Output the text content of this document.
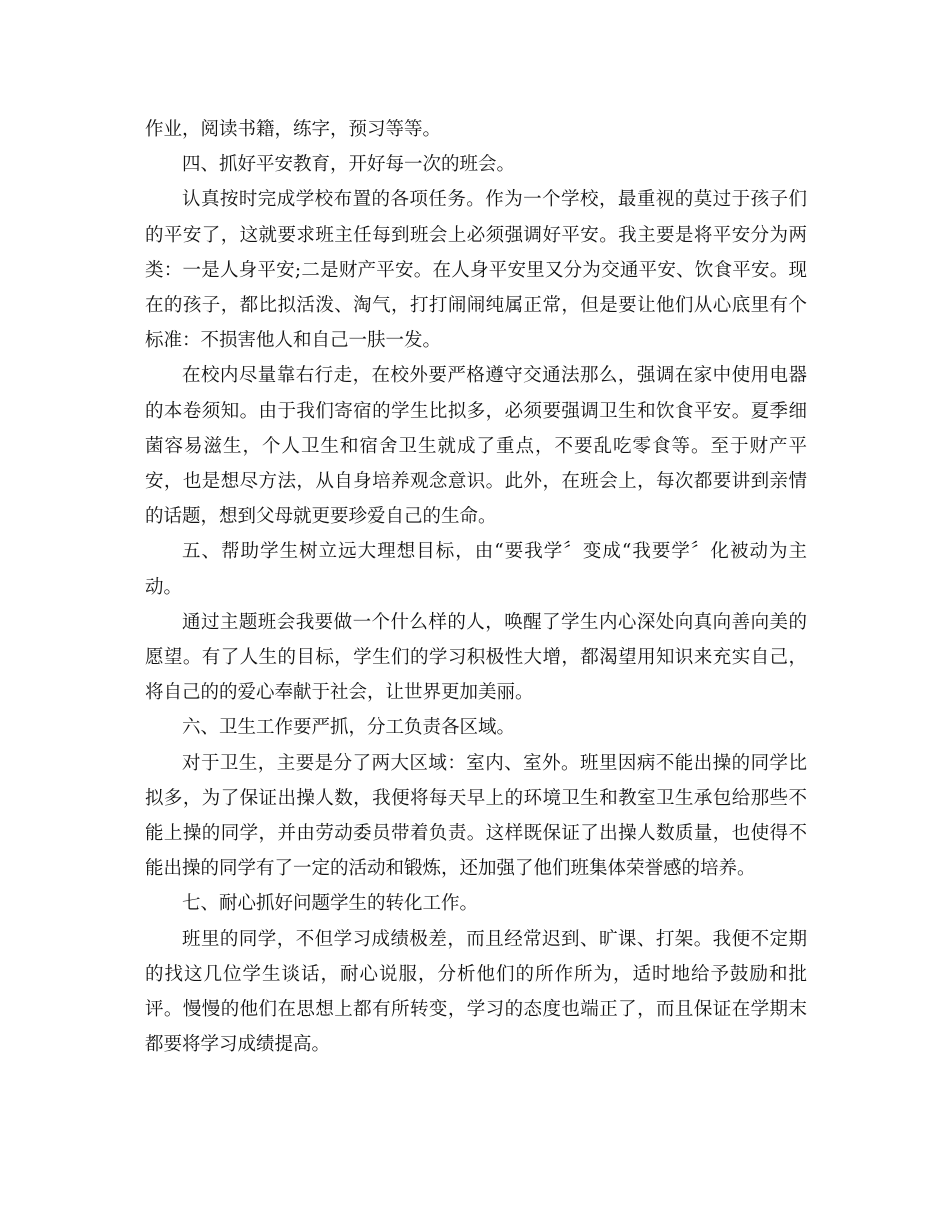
作业，阅读书籍，练字，预习等等。

四、抓好平安教育，开好每一次的班会。

认真按时完成学校布置的各项任务。作为一个学校，最重视的莫过于孩子们的平安了，这就要求班主任每到班会上必须强调好平安。我主要是将平安分为两类：一是人身平安;二是财产平安。在人身平安里又分为交通平安、饮食平安。现在的孩子，都比拟活泼、淘气，打打闹闹纯属正常，但是要让他们从心底里有个标准：不损害他人和自己一肤一发。

在校内尽量靠右行走，在校外要严格遵守交通法那么，强调在家中使用电器的本卷须知。由于我们寄宿的学生比拟多，必须要强调卫生和饮食平安。夏季细菌容易滋生，个人卫生和宿舍卫生就成了重点，不要乱吃零食等。至于财产平安，也是想尽方法，从自身培养观念意识。此外，在班会上，每次都要讲到亲情的话题，想到父母就更要珍爱自己的生命。

五、帮助学生树立远大理想目标，由“要我学〞变成“我要学〞化被动为主动。

通过主题班会我要做一个什么样的人，唤醒了学生内心深处向真向善向美的愿望。有了人生的目标，学生们的学习积极性大增，都渴望用知识来充实自己，将自己的的爱心奉献于社会，让世界更加美丽。

六、卫生工作要严抓，分工负责各区域。

对于卫生，主要是分了两大区域：室内、室外。班里因病不能出操的同学比拟多，为了保证出操人数，我便将每天早上的环境卫生和教室卫生承包给那些不能上操的同学，并由劳动委员带着负责。这样既保证了出操人数质量，也使得不能出操的同学有了一定的活动和锻炼，还加强了他们班集体荣誉感的培养。

七、耐心抓好问题学生的转化工作。

班里的同学，不但学习成绩极差，而且经常迟到、旷课、打架。我便不定期的找这几位学生谈话，耐心说服，分析他们的所作所为，适时地给予鼓励和批评。慢慢的他们在思想上都有所转变，学习的态度也端正了，而且保证在学期末都要将学习成绩提高。
